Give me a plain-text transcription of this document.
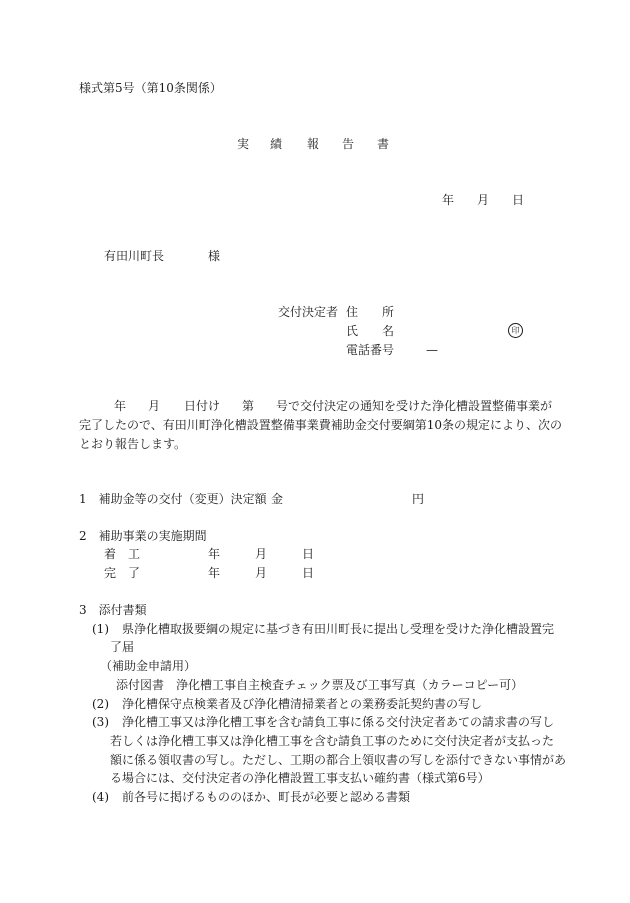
様式第5号（第10条関係）
実 績 報 告 書
年 月 日
有田川町長	様
交付決定者 住　　所
氏　　名	印
電話番号	—
年 月 日付け 第 号で交付決定の通知を受けた浄化槽設置整備事業が
完了したので、有田川町浄化槽設置整備事業費補助金交付要綱第10条の規定により、次の
とおり報告します。
1　補助金等の交付（変更）決定額 金	円
2　補助事業の実施期間
着　工	年	月	日
完　了	年	月	日
3　添付書類
(1) 県浄化槽取扱要綱の規定に基づき有田川町長に提出し受理を受けた浄化槽設置完
了届
（補助金申請用）
添付図書　浄化槽工事自主検査チェック票及び工事写真（カラーコピー可）
(2) 浄化槽保守点検業者及び浄化槽清掃業者との業務委託契約書の写し
(3) 浄化槽工事又は浄化槽工事を含む請負工事に係る交付決定者あての請求書の写し
若しくは浄化槽工事又は浄化槽工事を含む請負工事のために交付決定者が支払った
額に係る領収書の写し。ただし、工期の都合上領収書の写しを添付できない事情があ
る場合には、交付決定者の浄化槽設置工事支払い確約書（様式第6号）
(4) 前各号に掲げるもののほか、町長が必要と認める書類
